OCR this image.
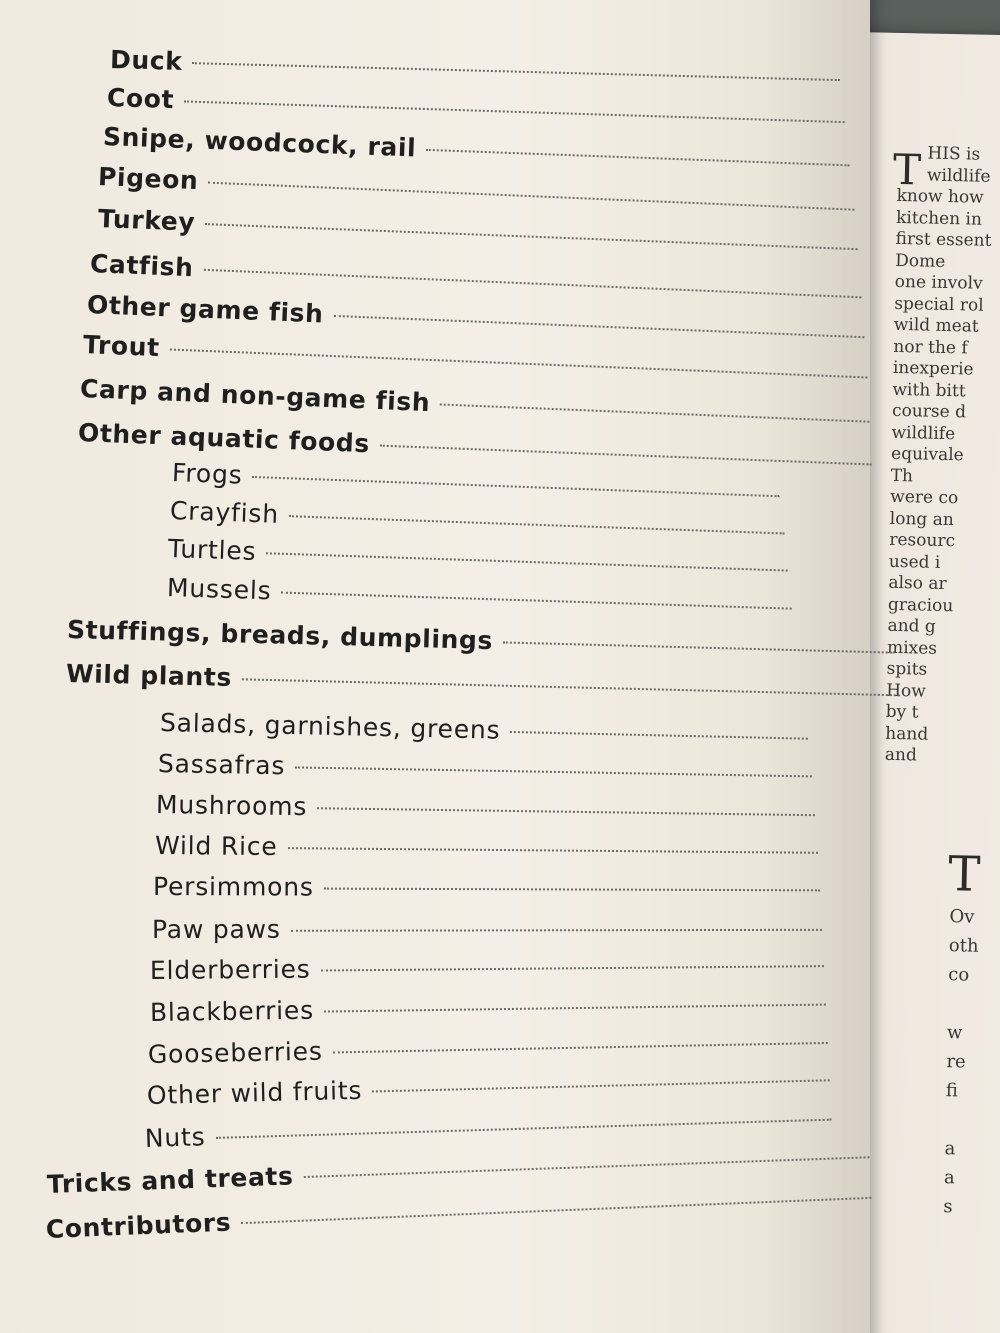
T HIS is
wildlife
know how
kitchen in
first essent
Dome
one involv
special rol
wild meat
nor the f
inexperie
with bitt
course d
wildlife
equivale
Th
were co
long an
resourc
used i
also ar
graciou
and g
mixes
spits
How
by t
hand
and
T
Ov
oth
co

w
re
fi

a
a
s
Duck
Coot
Snipe, woodcock, rail
Pigeon
Turkey
Catfish
Other game fish
Trout
Carp and non-game fish
Other aquatic foods
Frogs
Crayfish
Turtles
Mussels
Stuffings, breads, dumplings
Wild plants
Salads, garnishes, greens
Sassafras
Mushrooms
Wild Rice
Persimmons
Paw paws
Elderberries
Blackberries
Gooseberries
Other wild fruits
Nuts
Tricks and treats
Contributors
